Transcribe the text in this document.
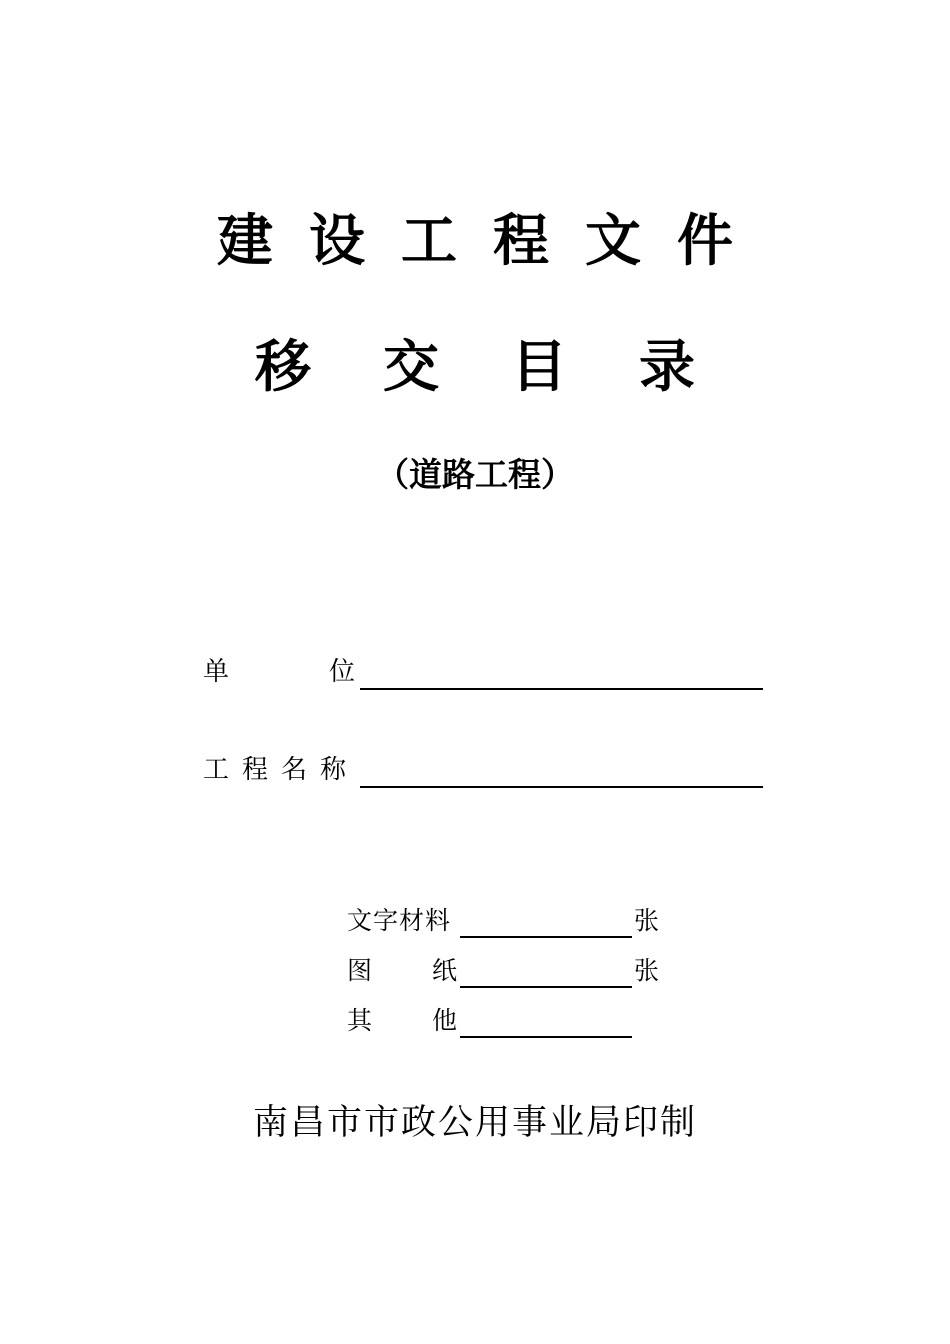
建设工程文件
移交目录
（道路工程）
单位
工程名称
文字材料	张
图纸	张
其他
南昌市市政公用事业局印制
